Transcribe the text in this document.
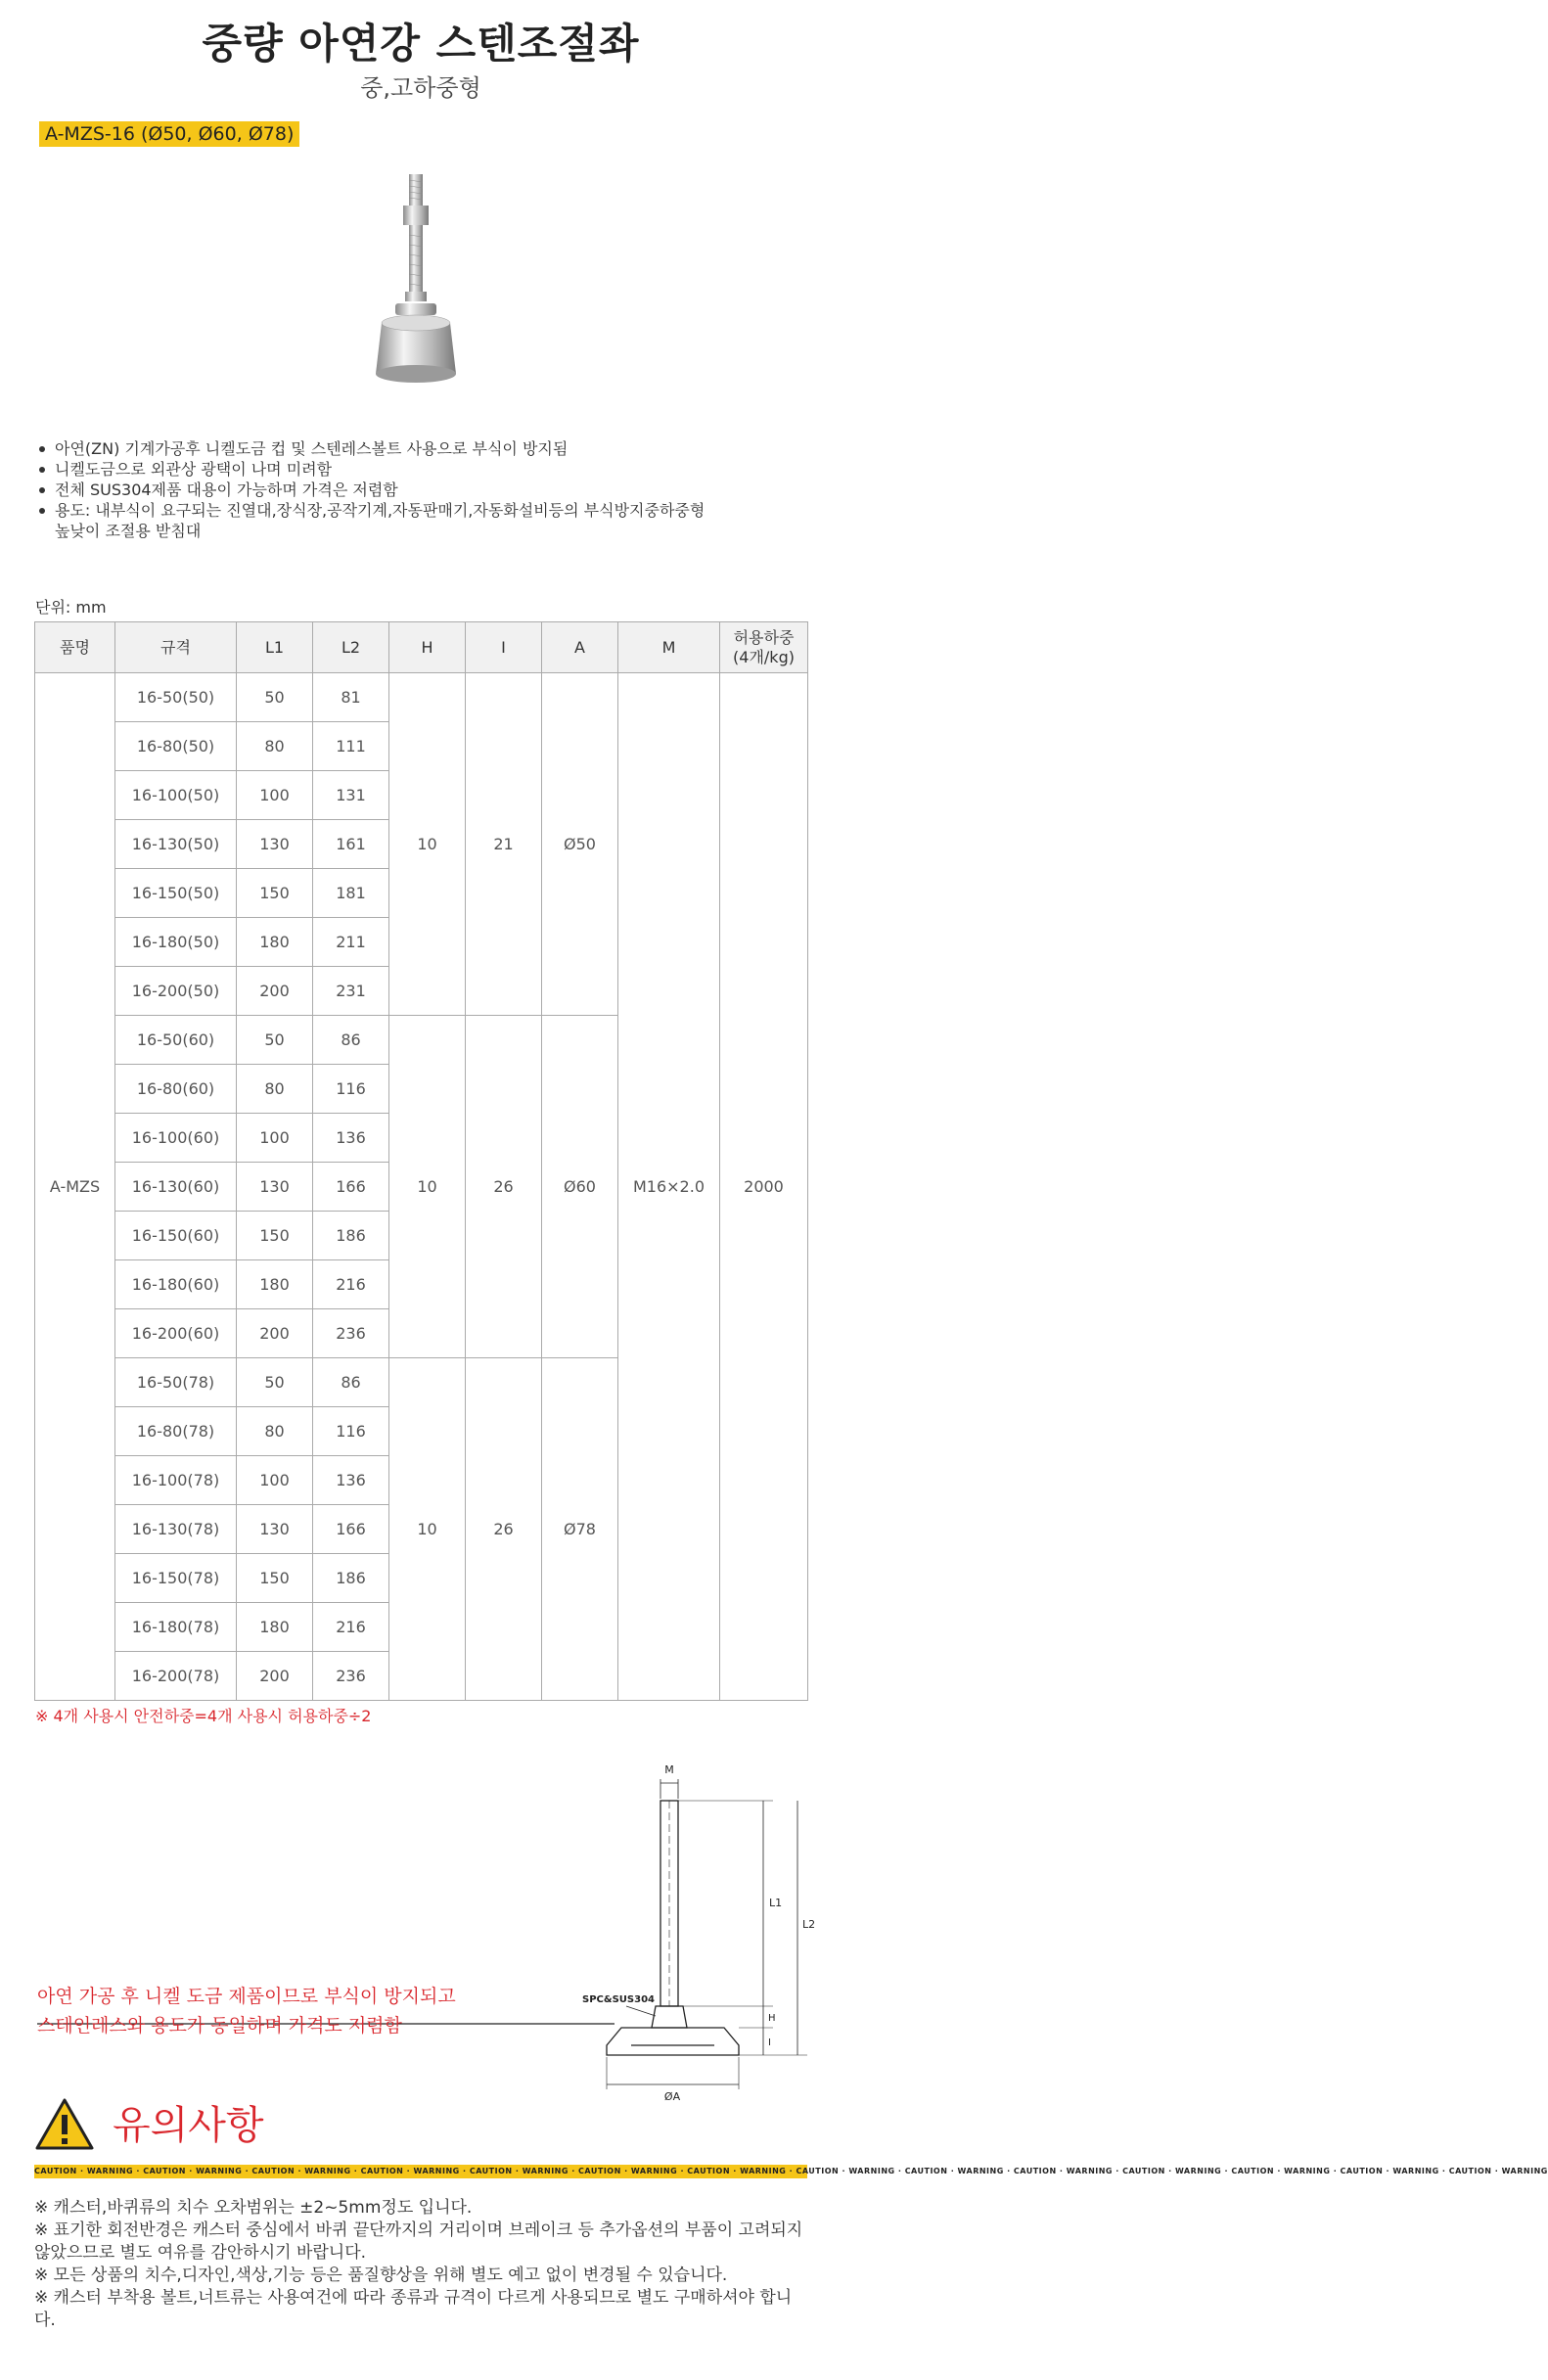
중량 아연강 스텐조절좌
중,고하중형
A-MZS-16 (Ø50, Ø60, Ø78)
아연(ZN) 기계가공후 니켈도금 컵 및 스텐레스볼트 사용으로 부식이 방지됨
니켈도금으로 외관상 광택이 나며 미려함
전체 SUS304제품 대용이 가능하며 가격은 저렴함
용도: 내부식이 요구되는 진열대,장식장,공작기계,자동판매기,자동화설비등의 부식방지중하중형
높낮이 조절용 받침대
단위: mm
품명	규격	L1	L2	H	I	A	M	허용하중
(4개/kg)
A-MZS	16-50(50)	50	81	10	21	Ø50	M16×2.0	2000
	16-80(50)	80	111					
	16-100(50)	100	131					
	16-130(50)	130	161					
	16-150(50)	150	181					
	16-180(50)	180	211					
	16-200(50)	200	231					
	16-50(60)	50	86	10	26	Ø60		
	16-80(60)	80	116					
	16-100(60)	100	136					
	16-130(60)	130	166					
	16-150(60)	150	186					
	16-180(60)	180	216					
	16-200(60)	200	236					
	16-50(78)	50	86	10	26	Ø78		
	16-80(78)	80	116					
	16-100(78)	100	136					
	16-130(78)	130	166					
	16-150(78)	150	186					
	16-180(78)	180	216					
	16-200(78)	200	236					
※ 4개 사용시 안전하중=4개 사용시 허용하중÷2
M
L1
L2
SPC&SUS304
H
I
ØA
아연 가공 후 니켈 도금 제품이므로 부식이 방지되고
스테인레스와 용도가 동일하며 가격도 저렴함
유의사항
CAUTION · WARNING · CAUTION · WARNING · CAUTION · WARNING · CAUTION · WARNING · CAUTION · WARNING · CAUTION · WARNING · CAUTION · WARNING · CAUTION · WARNING · CAUTION · WARNING · CAUTION · WARNING · CAUTION · WARNING · CAUTION · WARNING · CAUTION · WARNING · CAUTION · WARNING
※ 캐스터,바퀴류의 치수 오차범위는 ±2~5mm정도 입니다.
※ 표기한 회전반경은 캐스터 중심에서 바퀴 끝단까지의 거리이며 브레이크 등 추가옵션의 부품이 고려되지 않았으므로 별도 여유를 감안하시기 바랍니다.
※ 모든 상품의 치수,디자인,색상,기능 등은 품질향상을 위해 별도 예고 없이 변경될 수 있습니다.
※ 캐스터 부착용 볼트,너트류는 사용여건에 따라 종류과 규격이 다르게 사용되므로 별도 구매하셔야 합니다.
